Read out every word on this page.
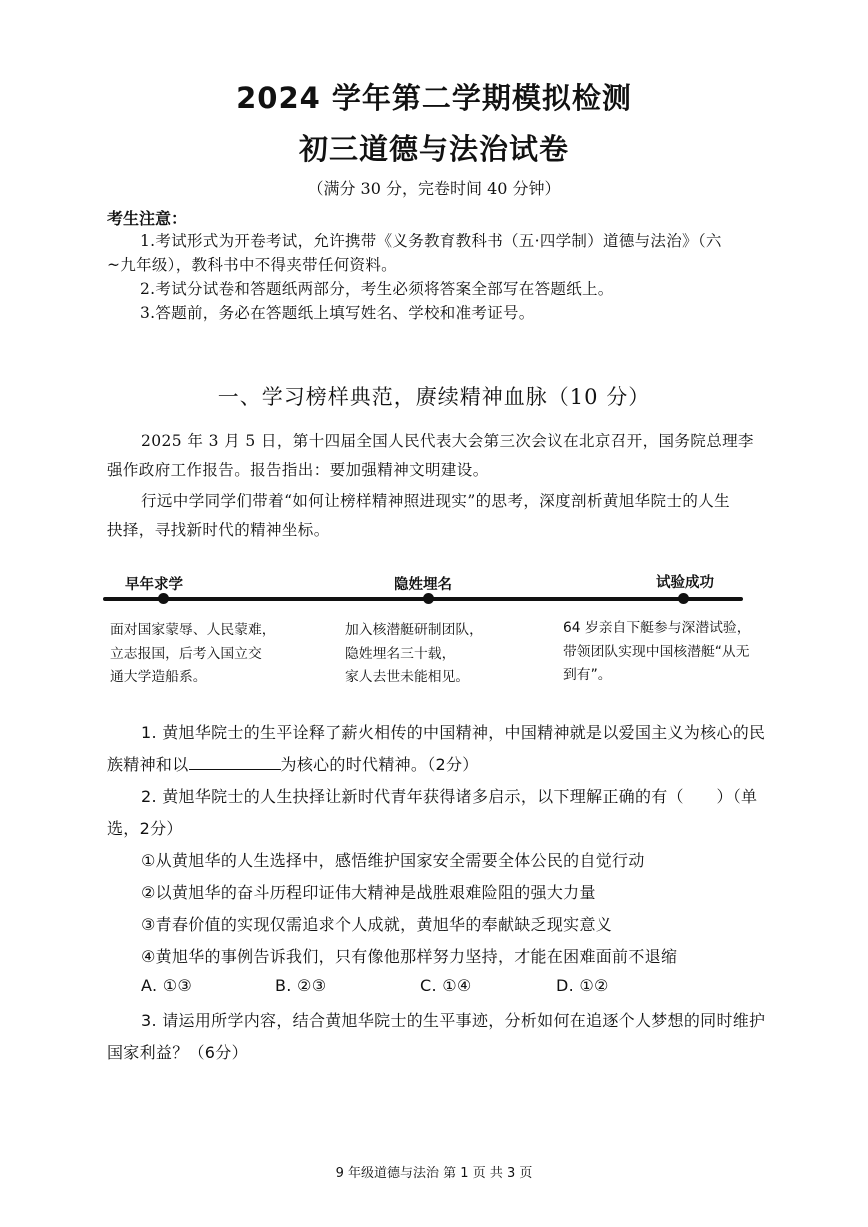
2024 学年第二学期模拟检测
初三道德与法治试卷
（满分 30 分，完卷时间 40 分钟）
考生注意：
1.考试形式为开卷考试，允许携带《义务教育教科书（五·四学制）道德与法治》（六
~九年级），教科书中不得夹带任何资料。
2.考试分试卷和答题纸两部分，考生必须将答案全部写在答题纸上。
3.答题前，务必在答题纸上填写姓名、学校和准考证号。
一、学习榜样典范，赓续精神血脉（10 分）
2025 年 3 月 5 日，第十四届全国人民代表大会第三次会议在北京召开，国务院总理李
强作政府工作报告。报告指出：要加强精神文明建设。
行远中学同学们带着“如何让榜样精神照进现实”的思考，深度剖析黄旭华院士的人生
抉择，寻找新时代的精神坐标。
早年求学	隐姓埋名	试验成功
面对国家蒙辱、人民蒙难，
立志报国，后考入国立交
通大学造船系。
加入核潜艇研制团队，
隐姓埋名三十载，
家人去世未能相见。
64 岁亲自下艇参与深潜试验，
带领团队实现中国核潜艇“从无
到有”。
1. 黄旭华院士的生平诠释了薪火相传的中国精神，中国精神就是以爱国主义为核心的民
族精神和以	为核心的时代精神。（2分）
2. 黄旭华院士的人生抉择让新时代青年获得诸多启示，以下理解正确的有（　　）（单
选，2分）
①从黄旭华的人生选择中，感悟维护国家安全需要全体公民的自觉行动
②以黄旭华的奋斗历程印证伟大精神是战胜艰难险阻的强大力量
③青春价值的实现仅需追求个人成就，黄旭华的奉献缺乏现实意义
④黄旭华的事例告诉我们，只有像他那样努力坚持，才能在困难面前不退缩
A. ①③	B. ②③	C. ①④	D. ①②
3. 请运用所学内容，结合黄旭华院士的生平事迹，分析如何在追逐个人梦想的同时维护
国家利益？（6分）
9 年级道德与法治 第 1 页 共 3 页
